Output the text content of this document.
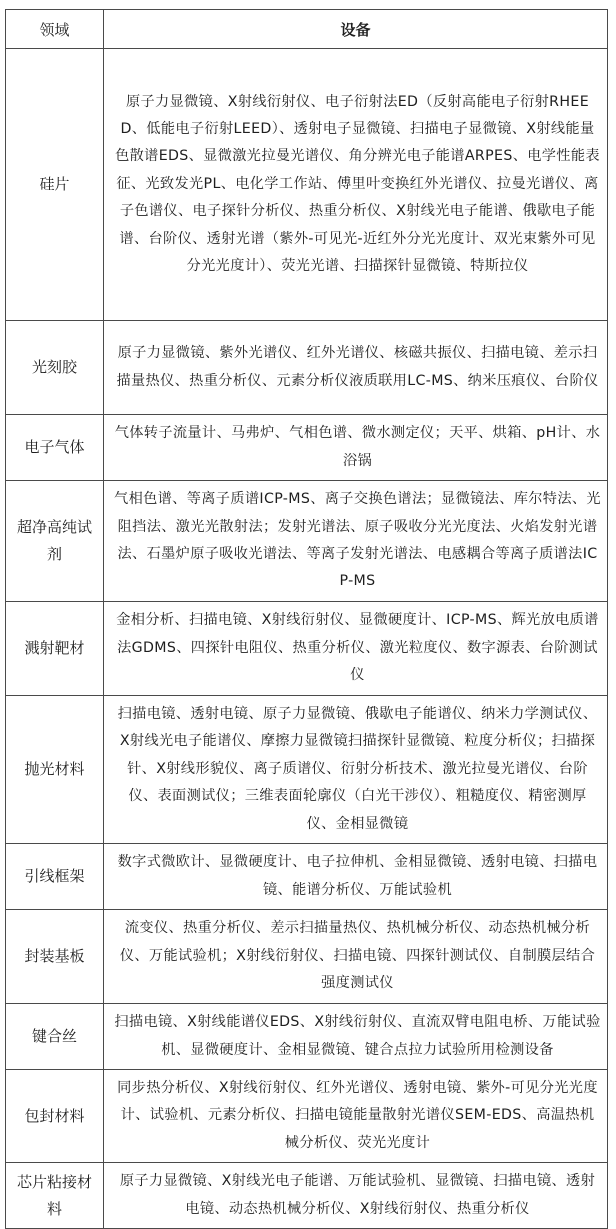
领域	设备
硅片	原子力显微镜、X射线衍射仪、电子衍射法ED（反射高能电子衍射RHEED、低能电子衍射LEED）、透射电子显微镜、扫描电子显微镜、X射线能量色散谱EDS、显微激光拉曼光谱仪、角分辨光电子能谱ARPES、电学性能表征、光致发光PL、电化学工作站、傅里叶变换红外光谱仪、拉曼光谱仪、离子色谱仪、电子探针分析仪、热重分析仪、X射线光电子能谱、俄歇电子能谱、台阶仪、透射光谱（紫外-可见光-近红外分光光度计、双光束紫外可见分光光度计）、荧光光谱、扫描探针显微镜、特斯拉仪
光刻胶	原子力显微镜、紫外光谱仪、红外光谱仪、核磁共振仪、扫描电镜、差示扫描量热仪、热重分析仪、元素分析仪液质联用LC-MS、纳米压痕仪、台阶仪
电子气体	气体转子流量计、马弗炉、气相色谱、微水测定仪；天平、烘箱、pH计、水浴锅
超净高纯试剂	气相色谱、等离子质谱ICP-MS、离子交换色谱法；显微镜法、库尔特法、光阻挡法、激光光散射法；发射光谱法、原子吸收分光光度法、火焰发射光谱法、石墨炉原子吸收光谱法、等离子发射光谱法、电感耦合等离子质谱法ICP-MS
溅射靶材	金相分析、扫描电镜、X射线衍射仪、显微硬度计、ICP-MS、辉光放电质谱法GDMS、四探针电阻仪、热重分析仪、激光粒度仪、数字源表、台阶测试仪
抛光材料	扫描电镜、透射电镜、原子力显微镜、俄歇电子能谱仪、纳米力学测试仪、X射线光电子能谱仪、摩擦力显微镜扫描探针显微镜、粒度分析仪；扫描探针、X射线形貌仪、离子质谱仪、衍射分析技术、激光拉曼光谱仪、台阶仪、表面测试仪；三维表面轮廓仪（白光干涉仪）、粗糙度仪、精密测厚仪、金相显微镜
引线框架	数字式微欧计、显微硬度计、电子拉伸机、金相显微镜、透射电镜、扫描电镜、能谱分析仪、万能试验机
封装基板	流变仪、热重分析仪、差示扫描量热仪、热机械分析仪、动态热机械分析仪、万能试验机；X射线衍射仪、扫描电镜、四探针测试仪、自制膜层结合强度测试仪
键合丝	扫描电镜、X射线能谱仪EDS、X射线衍射仪、直流双臂电阻电桥、万能试验机、显微硬度计、金相显微镜、键合点拉力试验所用检测设备
包封材料	同步热分析仪、X射线衍射仪、红外光谱仪、透射电镜、紫外-可见分光光度计、试验机、元素分析仪、扫描电镜能量散射光谱仪SEM-EDS、高温热机械分析仪、荧光光度计
芯片粘接材料	原子力显微镜、X射线光电子能谱、万能试验机、显微镜、扫描电镜、透射电镜、动态热机械分析仪、X射线衍射仪、热重分析仪
